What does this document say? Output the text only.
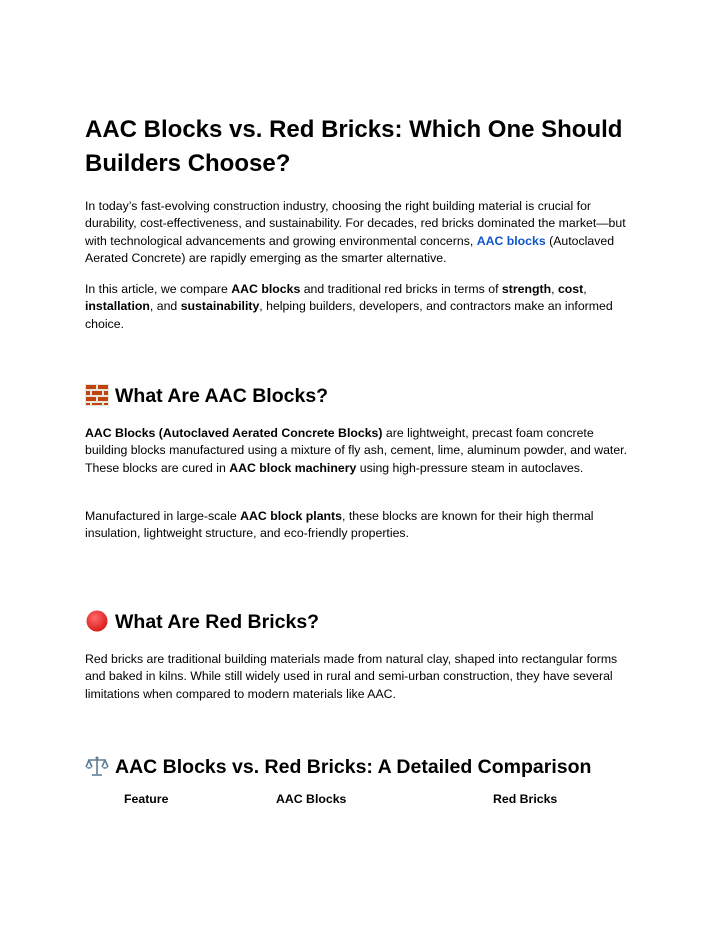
AAC Blocks vs. Red Bricks: Which One Should Builders Choose?

In today’s fast-evolving construction industry, choosing the right building material is crucial for durability, cost-effectiveness, and sustainability. For decades, red bricks dominated the market—but with technological advancements and growing environmental concerns, AAC blocks (Autoclaved Aerated Concrete) are rapidly emerging as the smarter alternative.

In this article, we compare AAC blocks and traditional red bricks in terms of strength, cost, installation, and sustainability, helping builders, developers, and contractors make an informed choice.

What Are AAC Blocks?

AAC Blocks (Autoclaved Aerated Concrete Blocks) are lightweight, precast foam concrete building blocks manufactured using a mixture of fly ash, cement, lime, aluminum powder, and water. These blocks are cured in AAC block machinery using high-pressure steam in autoclaves.

Manufactured in large-scale AAC block plants, these blocks are known for their high thermal insulation, lightweight structure, and eco-friendly properties.

What Are Red Bricks?

Red bricks are traditional building materials made from natural clay, shaped into rectangular forms and baked in kilns. While still widely used in rural and semi-urban construction, they have several limitations when compared to modern materials like AAC.

AAC Blocks vs. Red Bricks: A Detailed Comparison
Feature	AAC Blocks	Red Bricks
